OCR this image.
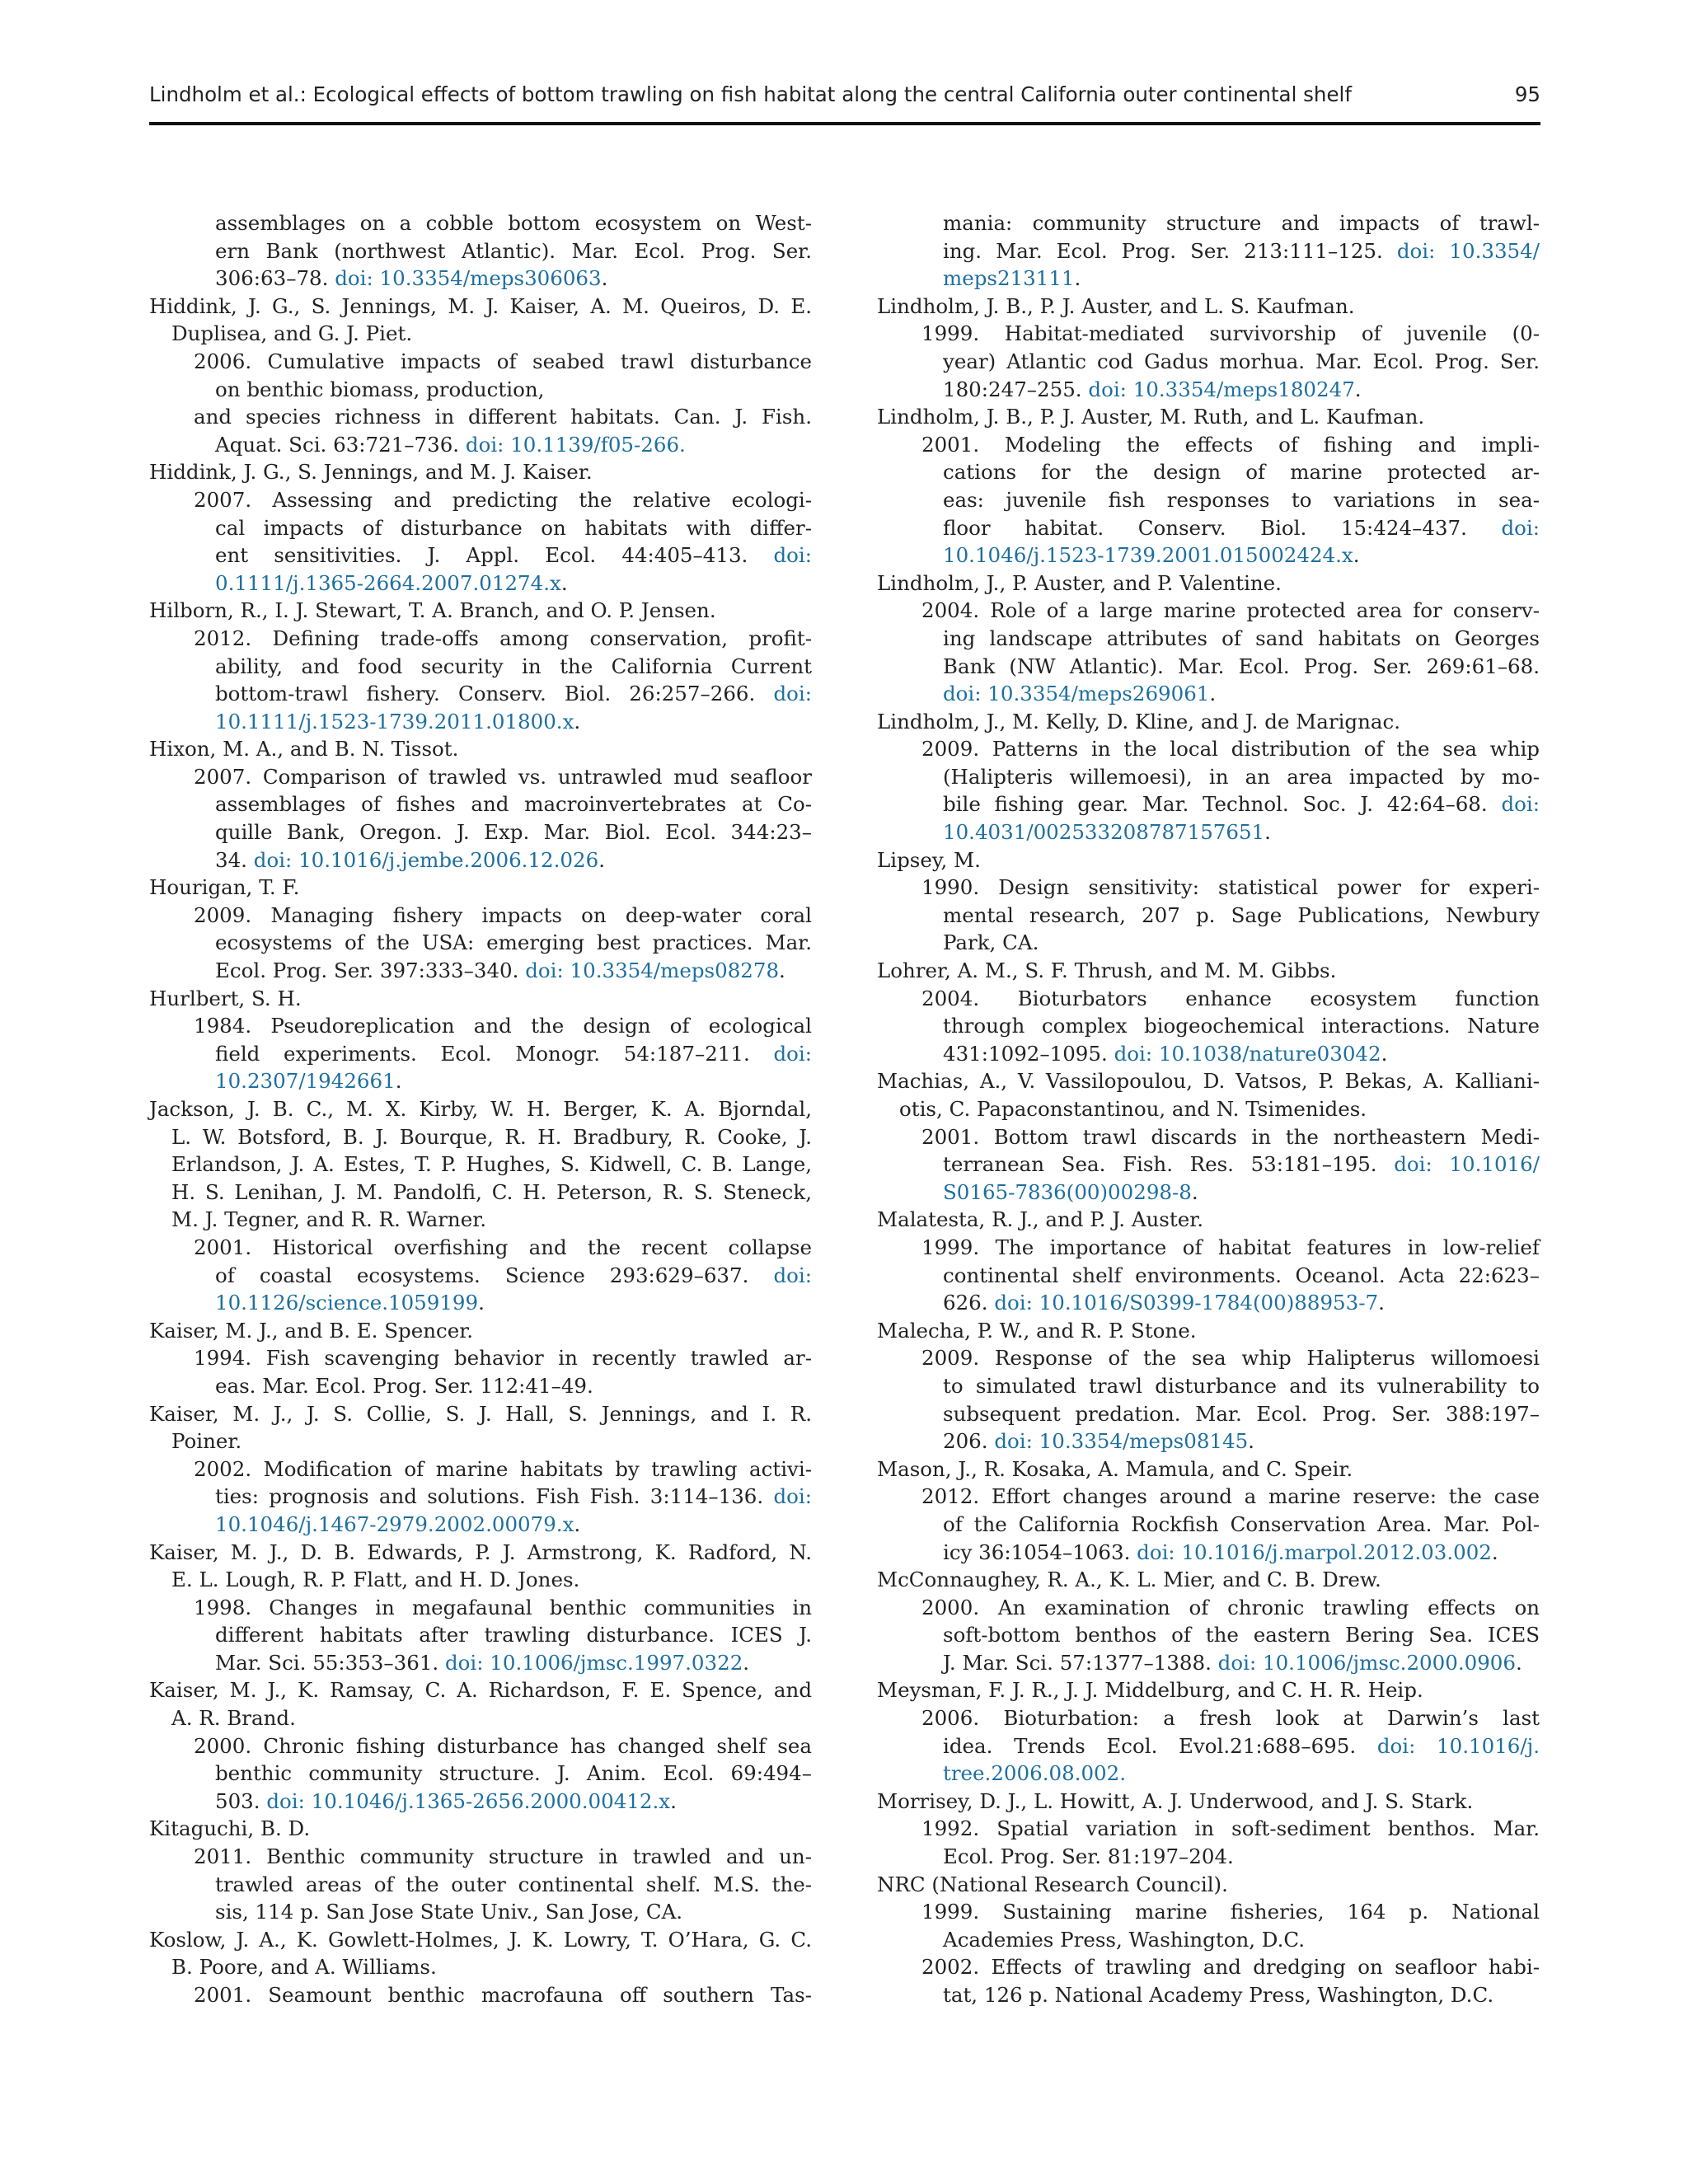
Lindholm et al.: Ecological effects of bottom trawling on fish habitat along the central California outer continental shelf	95
assemblages on a cobble bottom ecosystem on West-
ern Bank (northwest Atlantic). Mar. Ecol. Prog. Ser.
306:63–78. doi: 10.3354/meps306063.
Hiddink, J. G., S. Jennings, M. J. Kaiser, A. M. Queiros, D. E.
Duplisea, and G. J. Piet.
2006. Cumulative impacts of seabed trawl disturbance
on benthic biomass, production,
and species richness in different habitats. Can. J. Fish.
Aquat. Sci. 63:721–736. doi: 10.1139/f05-266.
Hiddink, J. G., S. Jennings, and M. J. Kaiser.
2007. Assessing and predicting the relative ecologi-
cal impacts of disturbance on habitats with differ-
ent sensitivities. J. Appl. Ecol. 44:405–413. doi:
0.1111/j.1365-2664.2007.01274.x.
Hilborn, R., I. J. Stewart, T. A. Branch, and O. P. Jensen.
2012. Defining trade-offs among conservation, profit-
ability, and food security in the California Current
bottom-trawl fishery. Conserv. Biol. 26:257–266. doi:
10.1111/j.1523-1739.2011.01800.x.
Hixon, M. A., and B. N. Tissot.
2007. Comparison of trawled vs. untrawled mud seafloor
assemblages of fishes and macroinvertebrates at Co-
quille Bank, Oregon. J. Exp. Mar. Biol. Ecol. 344:23–
34. doi: 10.1016/j.jembe.2006.12.026.
Hourigan, T. F.
2009. Managing fishery impacts on deep-water coral
ecosystems of the USA: emerging best practices. Mar.
Ecol. Prog. Ser. 397:333–340. doi: 10.3354/meps08278.
Hurlbert, S. H.
1984. Pseudoreplication and the design of ecological
field experiments. Ecol. Monogr. 54:187–211. doi:
10.2307/1942661.
Jackson, J. B. C., M. X. Kirby, W. H. Berger, K. A. Bjorndal,
L. W. Botsford, B. J. Bourque, R. H. Bradbury, R. Cooke, J.
Erlandson, J. A. Estes, T. P. Hughes, S. Kidwell, C. B. Lange,
H. S. Lenihan, J. M. Pandolfi, C. H. Peterson, R. S. Steneck,
M. J. Tegner, and R. R. Warner.
2001. Historical overfishing and the recent collapse
of coastal ecosystems. Science 293:629–637. doi:
10.1126/science.1059199.
Kaiser, M. J., and B. E. Spencer.
1994. Fish scavenging behavior in recently trawled ar-
eas. Mar. Ecol. Prog. Ser. 112:41–49.
Kaiser, M. J., J. S. Collie, S. J. Hall, S. Jennings, and I. R.
Poiner.
2002. Modification of marine habitats by trawling activi-
ties: prognosis and solutions. Fish Fish. 3:114–136. doi:
10.1046/j.1467-2979.2002.00079.x.
Kaiser, M. J., D. B. Edwards, P. J. Armstrong, K. Radford, N.
E. L. Lough, R. P. Flatt, and H. D. Jones.
1998. Changes in megafaunal benthic communities in
different habitats after trawling disturbance. ICES J.
Mar. Sci. 55:353–361. doi: 10.1006/jmsc.1997.0322.
Kaiser, M. J., K. Ramsay, C. A. Richardson, F. E. Spence, and
A. R. Brand.
2000. Chronic fishing disturbance has changed shelf sea
benthic community structure. J. Anim. Ecol. 69:494–
503. doi: 10.1046/j.1365-2656.2000.00412.x.
Kitaguchi, B. D.
2011. Benthic community structure in trawled and un-
trawled areas of the outer continental shelf. M.S. the-
sis, 114 p. San Jose State Univ., San Jose, CA.
Koslow, J. A., K. Gowlett-Holmes, J. K. Lowry, T. O’Hara, G. C.
B. Poore, and A. Williams.
2001. Seamount benthic macrofauna off southern Tas-
mania: community structure and impacts of trawl-
ing. Mar. Ecol. Prog. Ser. 213:111–125. doi: 10.3354/
meps213111.
Lindholm, J. B., P. J. Auster, and L. S. Kaufman.
1999. Habitat-mediated survivorship of juvenile (0-
year) Atlantic cod Gadus morhua. Mar. Ecol. Prog. Ser.
180:247–255. doi: 10.3354/meps180247.
Lindholm, J. B., P. J. Auster, M. Ruth, and L. Kaufman.
2001. Modeling the effects of fishing and impli-
cations for the design of marine protected ar-
eas: juvenile fish responses to variations in sea-
floor habitat. Conserv. Biol. 15:424–437. doi:
10.1046/j.1523-1739.2001.015002424.x.
Lindholm, J., P. Auster, and P. Valentine.
2004. Role of a large marine protected area for conserv-
ing landscape attributes of sand habitats on Georges
Bank (NW Atlantic). Mar. Ecol. Prog. Ser. 269:61–68.
doi: 10.3354/meps269061.
Lindholm, J., M. Kelly, D. Kline, and J. de Marignac.
2009. Patterns in the local distribution of the sea whip
(Halipteris willemoesi), in an area impacted by mo-
bile fishing gear. Mar. Technol. Soc. J. 42:64–68. doi:
10.4031/002533208787157651.
Lipsey, M.
1990. Design sensitivity: statistical power for experi-
mental research, 207 p. Sage Publications, Newbury
Park, CA.
Lohrer, A. M., S. F. Thrush, and M. M. Gibbs.
2004. Bioturbators enhance ecosystem function
through complex biogeochemical interactions. Nature
431:1092–1095. doi: 10.1038/nature03042.
Machias, A., V. Vassilopoulou, D. Vatsos, P. Bekas, A. Kalliani-
otis, C. Papaconstantinou, and N. Tsimenides.
2001. Bottom trawl discards in the northeastern Medi-
terranean Sea. Fish. Res. 53:181–195. doi: 10.1016/
S0165-7836(00)00298-8.
Malatesta, R. J., and P. J. Auster.
1999. The importance of habitat features in low-relief
continental shelf environments. Oceanol. Acta 22:623–
626. doi: 10.1016/S0399-1784(00)88953-7.
Malecha, P. W., and R. P. Stone.
2009. Response of the sea whip Halipterus willomoesi
to simulated trawl disturbance and its vulnerability to
subsequent predation. Mar. Ecol. Prog. Ser. 388:197–
206. doi: 10.3354/meps08145.
Mason, J., R. Kosaka, A. Mamula, and C. Speir.
2012. Effort changes around a marine reserve: the case
of the California Rockfish Conservation Area. Mar. Pol-
icy 36:1054–1063. doi: 10.1016/j.marpol.2012.03.002.
McConnaughey, R. A., K. L. Mier, and C. B. Drew.
2000. An examination of chronic trawling effects on
soft-bottom benthos of the eastern Bering Sea. ICES
J. Mar. Sci. 57:1377–1388. doi: 10.1006/jmsc.2000.0906.
Meysman, F. J. R., J. J. Middelburg, and C. H. R. Heip.
2006. Bioturbation: a fresh look at Darwin’s last
idea. Trends Ecol. Evol.21:688–695. doi: 10.1016/j.
tree.2006.08.002.
Morrisey, D. J., L. Howitt, A. J. Underwood, and J. S. Stark.
1992. Spatial variation in soft-sediment benthos. Mar.
Ecol. Prog. Ser. 81:197–204.
NRC (National Research Council).
1999. Sustaining marine fisheries, 164 p. National
Academies Press, Washington, D.C.
2002. Effects of trawling and dredging on seafloor habi-
tat, 126 p. National Academy Press, Washington, D.C.
